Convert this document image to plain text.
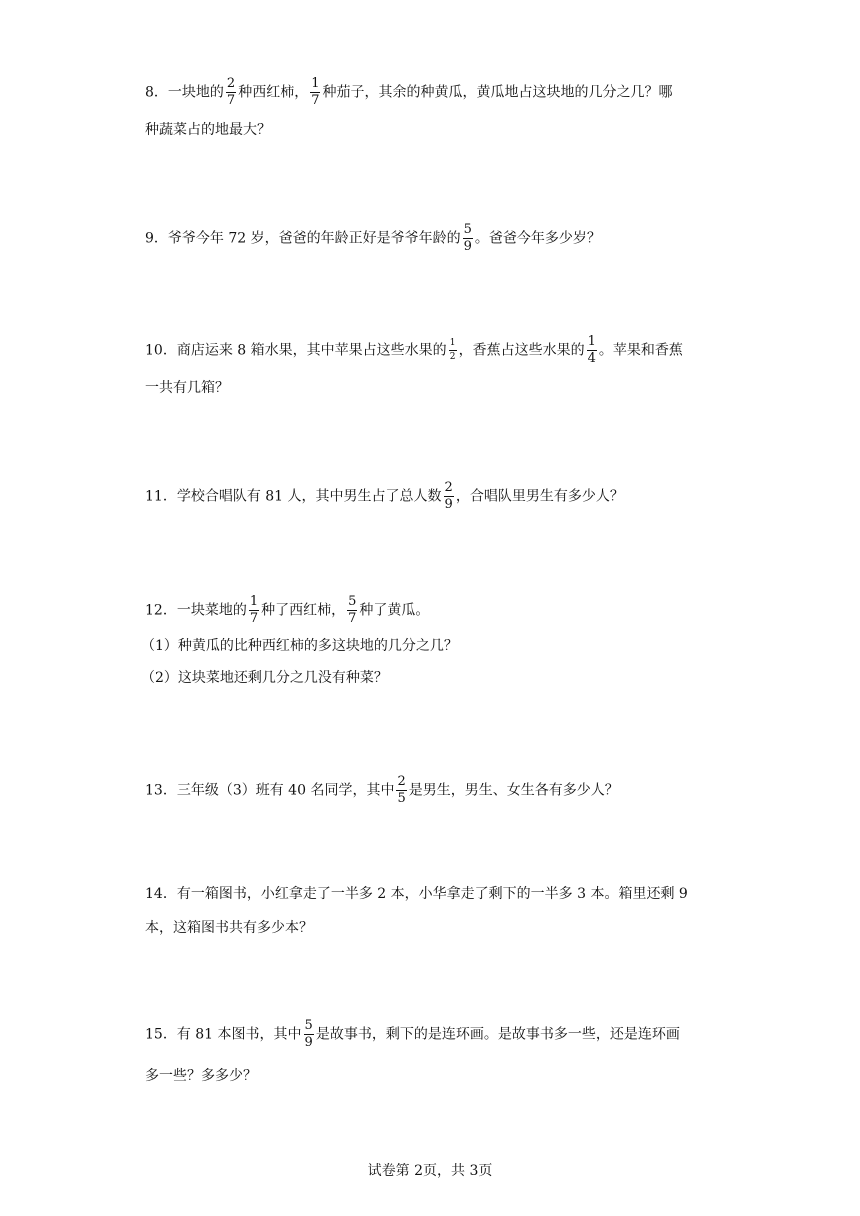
8．一块地的 $\frac{2}{7}$ 种西红柿， $\frac{1}{7}$ 种茄子，其余的种黄瓜，黄瓜地占这块地的几分之几？哪
种蔬菜占的地最大？
9．爷爷今年 72 岁，爸爸的年龄正好是爷爷年龄的 $\frac{5}{9}$ 。爸爸今年多少岁？
10．商店运来 8 箱水果，其中苹果占这些水果的 $\frac{1}{2}$ ，香蕉占这些水果的 $\frac{1}{4}$ 。苹果和香蕉
一共有几箱？
11．学校合唱队有 81 人，其中男生占了总人数 $\frac{2}{9}$ ，合唱队里男生有多少人？
12．一块菜地的 $\frac{1}{7}$ 种了西红柿， $\frac{5}{7}$ 种了黄瓜。
（1）种黄瓜的比种西红柿的多这块地的几分之几？
（2）这块菜地还剩几分之几没有种菜？
13．三年级（3）班有 40 名同学，其中 $\frac{2}{5}$ 是男生，男生、女生各有多少人？
14．有一箱图书，小红拿走了一半多 2 本，小华拿走了剩下的一半多 3 本。箱里还剩 9
本，这箱图书共有多少本？
15．有 81 本图书，其中 $\frac{5}{9}$ 是故事书，剩下的是连环画。是故事书多一些，还是连环画
多一些？多多少？
试卷第 2页，共 3页
